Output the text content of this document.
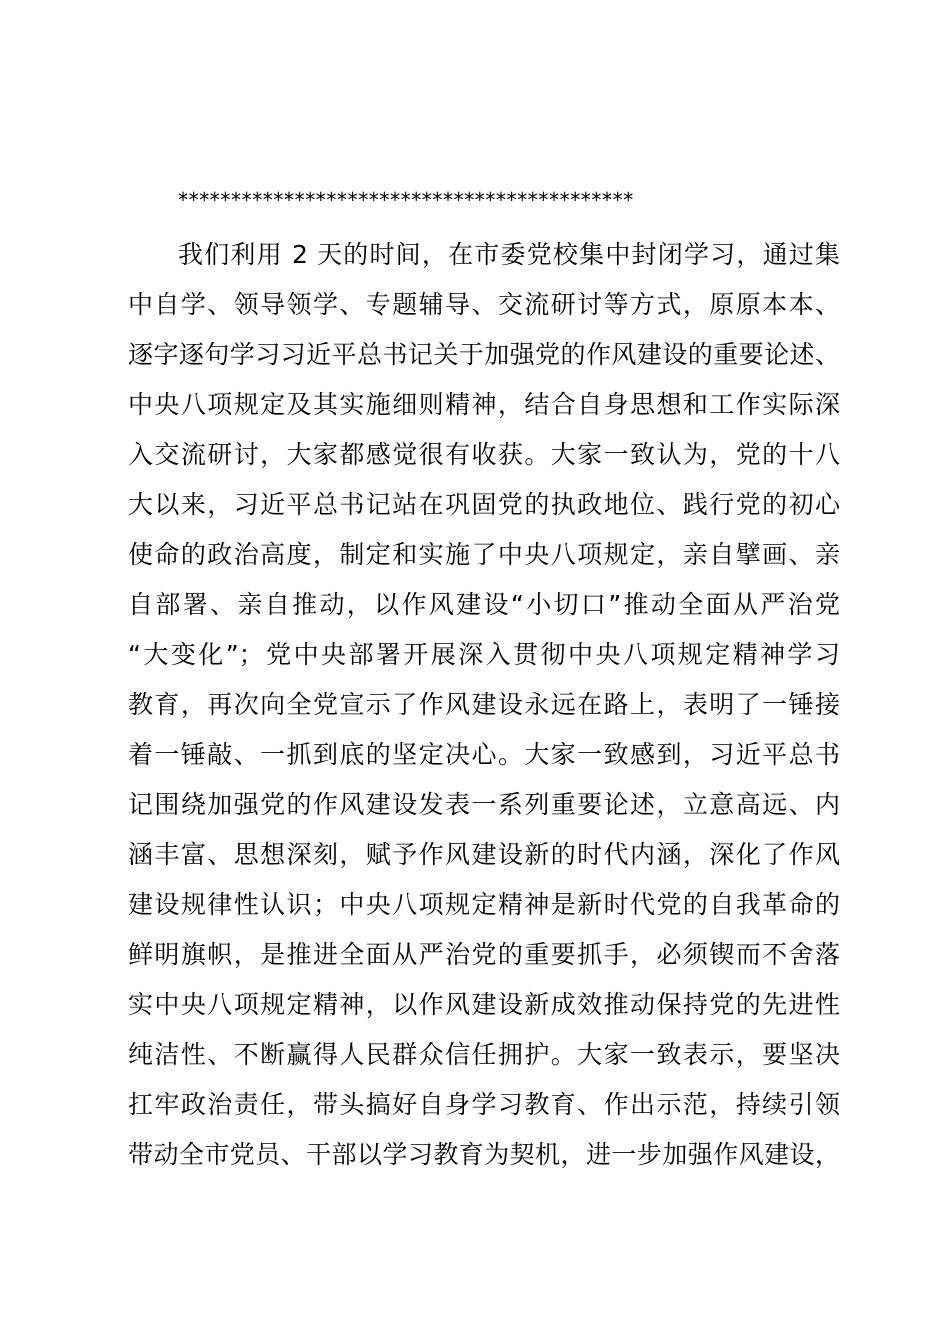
*******************************************
我们利用 2 天的时间，在市委党校集中封闭学习，通过集
中自学、领导领学、专题辅导、交流研讨等方式，原原本本、
逐字逐句学习习近平总书记关于加强党的作风建设的重要论述、
中央八项规定及其实施细则精神，结合自身思想和工作实际深
入交流研讨，大家都感觉很有收获。大家一致认为，党的十八
大以来，习近平总书记站在巩固党的执政地位、践行党的初心
使命的政治高度，制定和实施了中央八项规定，亲自擘画、亲
自部署、亲自推动，以作风建设“小切口”推动全面从严治党
“大变化”；党中央部署开展深入贯彻中央八项规定精神学习
教育，再次向全党宣示了作风建设永远在路上，表明了一锤接
着一锤敲、一抓到底的坚定决心。大家一致感到，习近平总书
记围绕加强党的作风建设发表一系列重要论述，立意高远、内
涵丰富、思想深刻，赋予作风建设新的时代内涵，深化了作风
建设规律性认识；中央八项规定精神是新时代党的自我革命的
鲜明旗帜，是推进全面从严治党的重要抓手，必须锲而不舍落
实中央八项规定精神，以作风建设新成效推动保持党的先进性
纯洁性、不断赢得人民群众信任拥护。大家一致表示，要坚决
扛牢政治责任，带头搞好自身学习教育、作出示范，持续引领
带动全市党员、干部以学习教育为契机，进一步加强作风建设，
